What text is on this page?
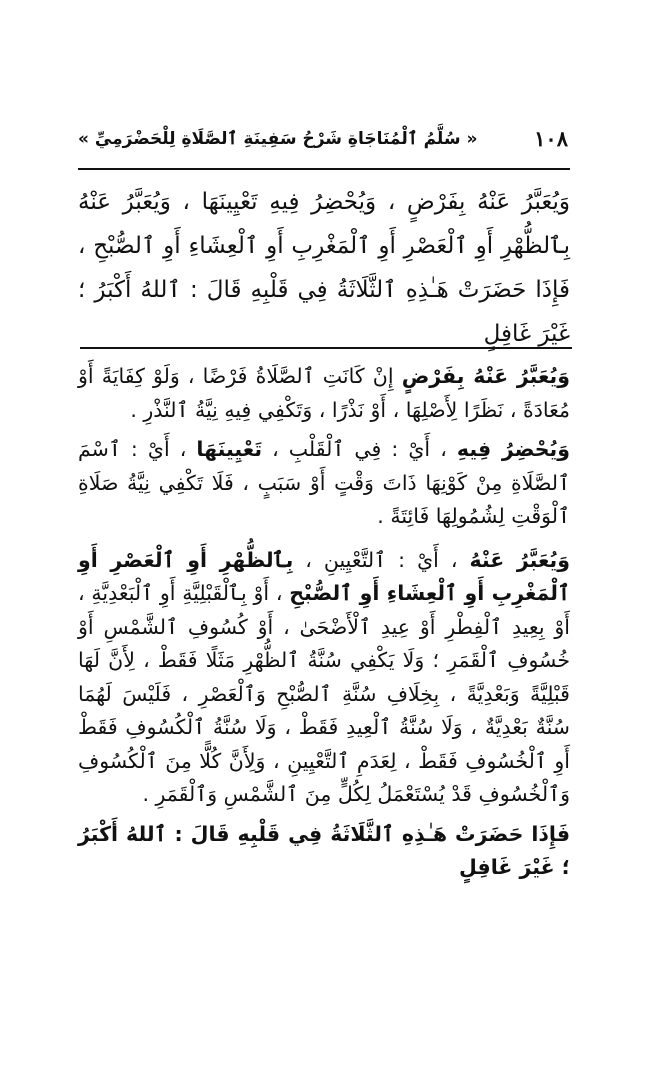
١٠٨
« سُلَّمُ ٱلْمُنَاجَاةِ شَرْحُ سَفِينَةِ ٱلصَّلَاةِ لِلْحَضْرَمِيِّ »
وَيُعَبَّرُ عَنْهُ بِفَرْضٍ ، وَيُحْضِرُ فِيهِ تَعْيِينَهَا ، وَيُعَبَّرُ عَنْهُ بِٱلظُّهْرِ أَوِ ٱلْعَصْرِ أَوِ ٱلْمَغْرِبِ أَوِ ٱلْعِشَاءِ أَوِ ٱلصُّبْحِ ، فَإِذَا حَضَرَتْ هَـٰذِهِ ٱلثَّلَاثَةُ فِي قَلْبِهِ قَالَ : ٱللهُ أَكْبَرُ ؛ غَيْرَ غَافِلٍ

وَيُعَبَّرُ عَنْهُ بِفَرْضٍ إِنْ كَانَتِ ٱلصَّلَاةُ فَرْضًا ، وَلَوْ كِفَايَةً أَوْ مُعَادَةً ، نَظَرًا لِأَصْلِهَا ، أَوْ نَذْرًا ، وَتَكْفِي فِيهِ نِيَّةُ ٱلنَّذْرِ .

وَيُحْضِرُ فِيهِ ، أَيْ : فِي ٱلْقَلْبِ ، تَعْيِينَهَا ، أَيْ : ٱسْمَ ٱلصَّلَاةِ مِنْ كَوْنِهَا ذَاتَ وَقْتٍ أَوْ سَبَبٍ ، فَلَا تَكْفِي نِيَّةُ صَلَاةِ ٱلْوَقْتِ لِشُمُولِهَا فَائِتَةً .

وَيُعَبَّرُ عَنْهُ ، أَيْ : ٱلتَّعْيِينِ ، بِٱلظُّهْرِ أَوِ ٱلْعَصْرِ أَوِ ٱلْمَغْرِبِ أَوِ ٱلْعِشَاءِ أَوِ ٱلصُّبْحِ ، أَوْ بِٱلْقَبْلِيَّةِ أَوِ ٱلْبَعْدِيَّةِ ، أَوْ بِعِيدِ ٱلْفِطْرِ أَوْ عِيدِ ٱلْأَضْحَىٰ ، أَوْ كُسُوفِ ٱلشَّمْسِ أَوْ خُسُوفِ ٱلْقَمَرِ ؛ وَلَا يَكْفِي سُنَّةُ ٱلظُّهْرِ مَثَلًا فَقَطْ ، لِأَنَّ لَهَا قَبْلِيَّةً وَبَعْدِيَّةً ، بِخِلَافِ سُنَّةِ ٱلصُّبْحِ وَٱلْعَصْرِ ، فَلَيْسَ لَهُمَا سُنَّةٌ بَعْدِيَّةٌ ، وَلَا سُنَّةُ ٱلْعِيدِ فَقَطْ ، وَلَا سُنَّةُ ٱلْكُسُوفِ فَقَطْ أَوِ ٱلْخُسُوفِ فَقَطْ ، لِعَدَمِ ٱلتَّعْيِينِ ، وَلِأَنَّ كُلًّا مِنَ ٱلْكُسُوفِ وَٱلْخُسُوفِ قَدْ يُسْتَعْمَلُ لِكُلٍّ مِنَ ٱلشَّمْسِ وَٱلْقَمَرِ .

فَإِذَا حَضَرَتْ هَـٰذِهِ ٱلثَّلَاثَةُ فِي قَلْبِهِ قَالَ : ٱللهُ أَكْبَرُ ؛ غَيْرَ غَافِلٍ
